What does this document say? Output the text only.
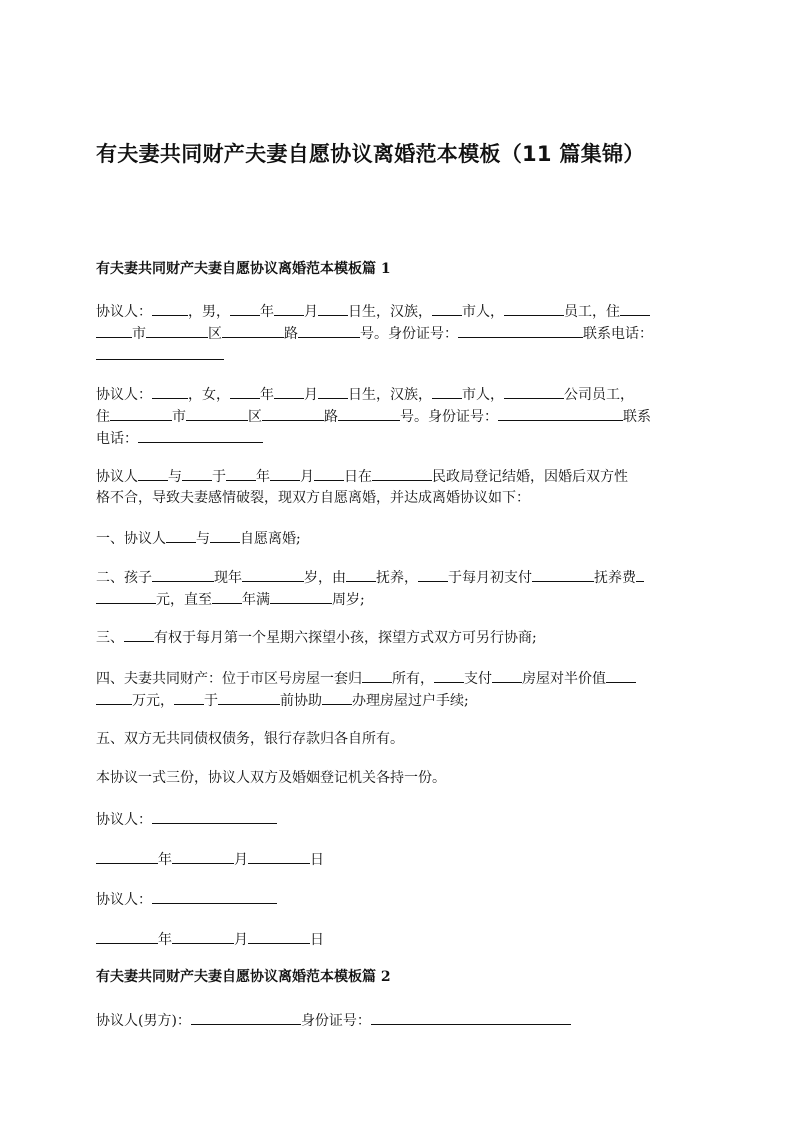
有夫妻共同财产夫妻自愿协议离婚范本模板（11 篇集锦）
有夫妻共同财产夫妻自愿协议离婚范本模板篇 1
协议人：	，男， 年 月 日生，汉族， 市人，	员工，住
市	区	路	号。身份证号：	联系电话：
协议人：	，女， 年 月 日生，汉族， 市人，	公司员工，
住	市	区	路	号。身份证号：	联系
电话：
协议人 与 于 年 月 日在	民政局登记结婚，因婚后双方性
格不合，导致夫妻感情破裂，现双方自愿离婚，并达成离婚协议如下：
一、协议人 与 自愿离婚;
二、孩子	现年	岁，由 抚养， 于每月初支付	抚养费
元，直至 年满	周岁;
三、 有权于每月第一个星期六探望小孩，探望方式双方可另行协商;
四、夫妻共同财产：位于市区号房屋一套归 所有， 支付 房屋对半价值
万元， 于	前协助 办理房屋过户手续;
五、双方无共同债权债务，银行存款归各自所有。
本协议一式三份，协议人双方及婚姻登记机关各持一份。
协议人：
年	月	日
协议人：
年	月	日
有夫妻共同财产夫妻自愿协议离婚范本模板篇 2
协议人(男方)：	身份证号：
